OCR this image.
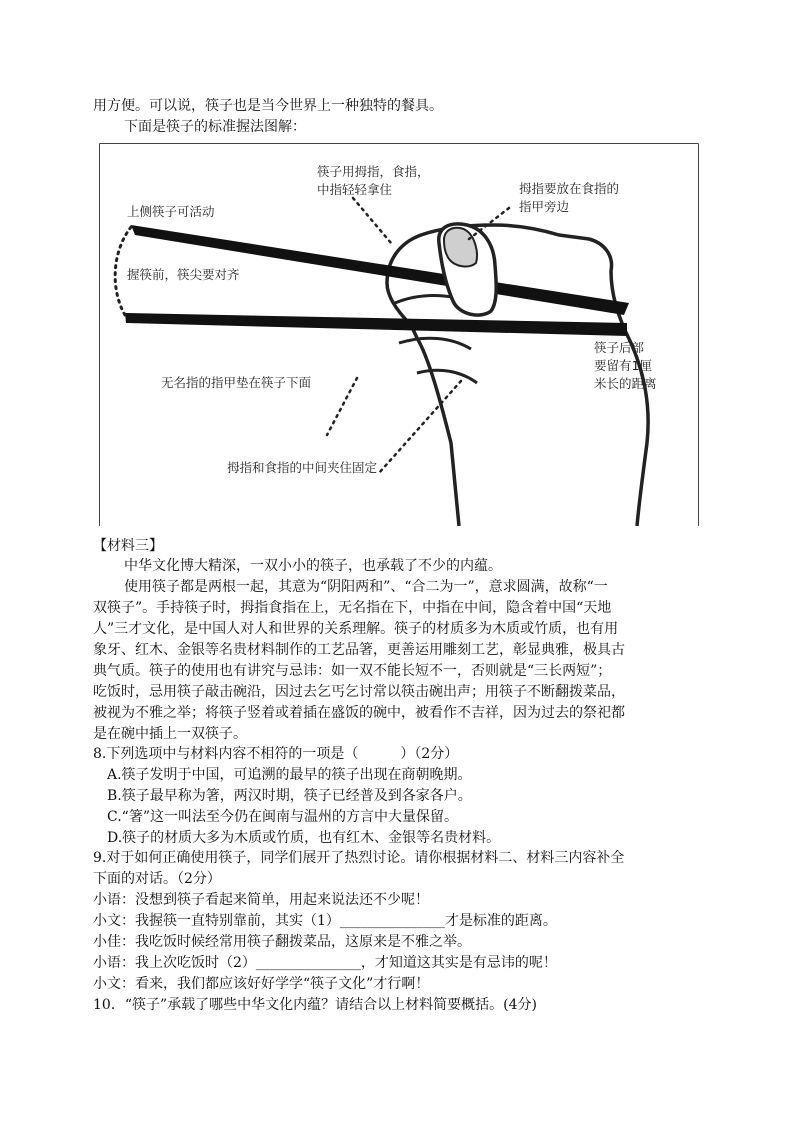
用方便。可以说，筷子也是当今世界上一种独特的餐具。
下面是筷子的标准握法图解：
筷子用拇指，食指，
中指轻轻拿住	拇指要放在食指的
指甲旁边
上侧筷子可活动
握筷前，筷尖要对齐
无名指的指甲垫在筷子下面
筷子后部
要留有1厘
米长的距离
拇指和食指的中间夹住固定
【材料三】
中华文化博大精深，一双小小的筷子，也承载了不少的内蕴。
使用筷子都是两根一起，其意为“阴阳两和”、“合二为一”，意求圆满，故称“一
双筷子”。手持筷子时，拇指食指在上，无名指在下，中指在中间，隐含着中国“天地
人”三才文化，是中国人对人和世界的关系理解。筷子的材质多为木质或竹质，也有用
象牙、红木、金银等名贵材料制作的工艺品箸，更善运用雕刻工艺，彰显典雅，极具古
典气质。筷子的使用也有讲究与忌讳：如一双不能长短不一，否则就是“三长两短”；
吃饭时，忌用筷子敲击碗沿，因过去乞丐乞讨常以筷击碗出声；用筷子不断翻拨菜品，
被视为不雅之举；将筷子竖着或着插在盛饭的碗中，被看作不吉祥，因为过去的祭祀都
是在碗中插上一双筷子。
8.下列选项中与材料内容不相符的一项是（　　　）（2分）
A.筷子发明于中国，可追溯的最早的筷子出现在商朝晚期。
B.筷子最早称为箸，两汉时期，筷子已经普及到各家各户。
C.“箸”这一叫法至今仍在闽南与温州的方言中大量保留。
D.筷子的材质大多为木质或竹质，也有红木、金银等名贵材料。
9.对于如何正确使用筷子，同学们展开了热烈讨论。请你根据材料二、材料三内容补全
下面的对话。（2分）
小语：没想到筷子看起来简单，用起来说法还不少呢！
小文：我握筷一直特别靠前，其实（1）_______________才是标准的距离。
小佳：我吃饭时候经常用筷子翻拨菜品，这原来是不雅之举。
小语：我上次吃饭时（2）_______________，才知道这其实是有忌讳的呢！
小文：看来，我们都应该好好学学“筷子文化”才行啊！
10．“筷子”承载了哪些中华文化内蕴？请结合以上材料简要概括。(4分)
